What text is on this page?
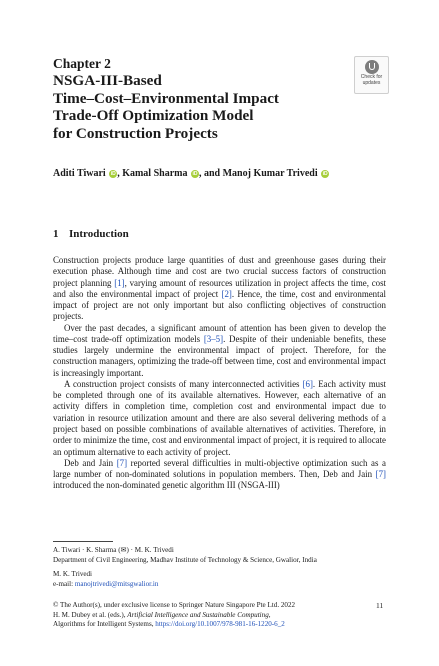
Chapter 2
NSGA-III-Based
Time–Cost–Environmental Impact
Trade-Off Optimization Model
for Construction Projects
Check for
updates
Aditi Tiwari iD , Kamal Sharma iD , and Manoj Kumar Trivedi iD
1 Introduction

Construction projects produce large quantities of dust and greenhouse gases during their execution phase. Although time and cost are two crucial success factors of construction project planning [1], varying amount of resources utilization in project affects the time, cost and also the environmental impact of project [2]. Hence, the time, cost and environmental impact of project are not only important but also conflicting objectives of construction projects.

Over the past decades, a significant amount of attention has been given to develop the time–cost trade-off optimization models [3–5]. Despite of their undeniable benefits, these studies largely undermine the environmental impact of project. Therefore, for the construction managers, optimizing the trade-off between time, cost and environmental impact is increasingly important.

A construction project consists of many interconnected activities [6]. Each activity must be completed through one of its available alternatives. However, each alternative of an activity differs in completion time, completion cost and environmental impact due to variation in resource utilization amount and there are also several delivering methods of a project based on possible combinations of available alternatives of activities. Therefore, in order to minimize the time, cost and environmental impact of project, it is required to allocate an optimum alternative to each activity of project.

Deb and Jain [7] reported several difficulties in multi-objective optimization such as a large number of non-dominated solutions in population members. Then, Deb and Jain [7] introduced the non-dominated genetic algorithm III (NSGA-III)

A. Tiwari · K. Sharma (✉) · M. K. Trivedi
Department of Civil Engineering, Madhav Institute of Technology & Science, Gwalior, India
M. K. Trivedi
e-mail: manojtrivedi@mitsgwalior.in
© The Author(s), under exclusive license to Springer Nature Singapore Pte Ltd. 2022
H. M. Dubey et al. (eds.), Artificial Intelligence and Sustainable Computing,
Algorithms for Intelligent Systems, https://doi.org/10.1007/978-981-16-1220-6_2
11
